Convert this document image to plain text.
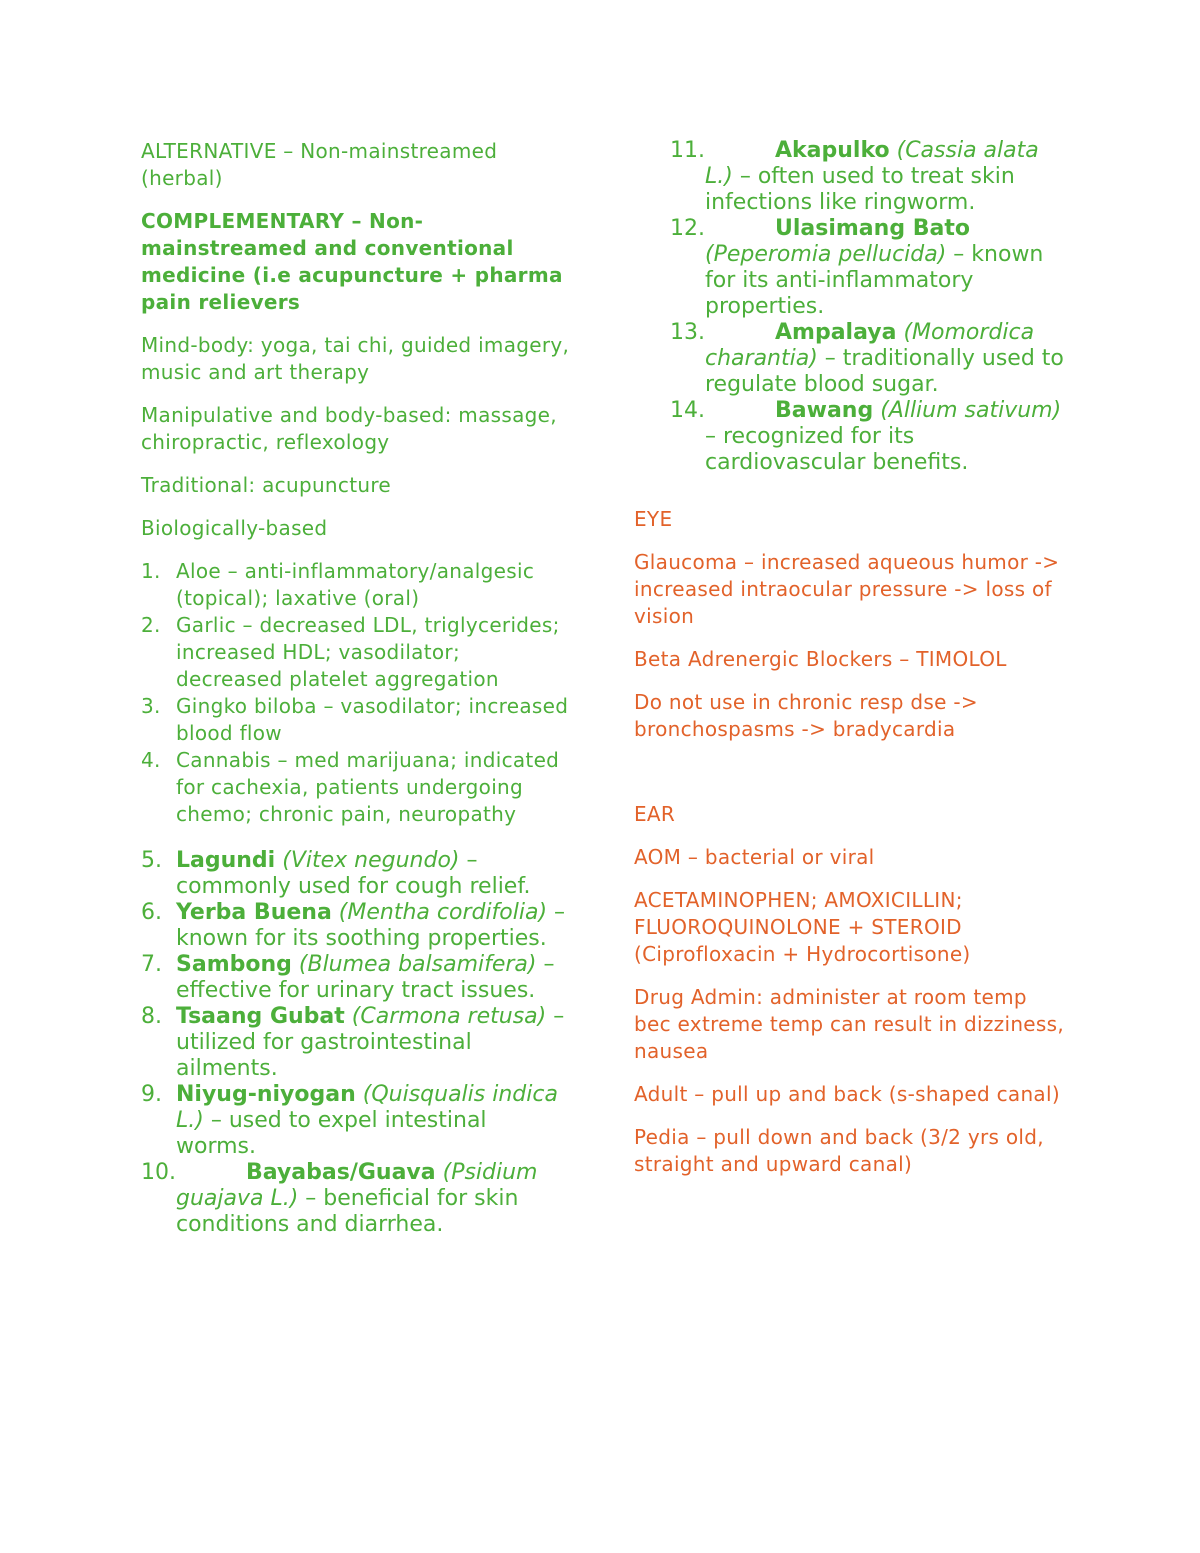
ALTERNATIVE – Non-mainstreamed (herbal)

COMPLEMENTARY – Non-mainstreamed and conventional medicine (i.e acupuncture + pharma pain relievers

Mind-body: yoga, tai chi, guided imagery, music and art therapy

Manipulative and body-based: massage, chiropractic, reflexology

Traditional: acupuncture

Biologically-based

1. Aloe – anti-inflammatory/analgesic (topical); laxative (oral)
2. Garlic – decreased LDL, triglycerides; increased HDL; vasodilator; decreased platelet aggregation
3. Gingko biloba – vasodilator; increased blood flow
4. Cannabis – med marijuana; indicated for cachexia, patients undergoing chemo; chronic pain, neuropathy
5. Lagundi (Vitex negundo) – commonly used for cough relief.
6. Yerba Buena (Mentha cordifolia) – known for its soothing properties.
7. Sambong (Blumea balsamifera) – effective for urinary tract issues.
8. Tsaang Gubat (Carmona retusa) – utilized for gastrointestinal ailments.
9. Niyug-niyogan (Quisqualis indica L.) – used to expel intestinal worms.
10.	Bayabas/Guava (Psidium guajava L.) – beneficial for skin conditions and diarrhea.
11.	Akapulko (Cassia alata L.) – often used to treat skin infections like ringworm.
12.	Ulasimang Bato (Peperomia pellucida) – known for its anti-inflammatory properties.
13.	Ampalaya (Momordica charantia) – traditionally used to regulate blood sugar.
14.	Bawang (Allium sativum) – recognized for its cardiovascular benefits.

EYE

Glaucoma – increased aqueous humor -> increased intraocular pressure -> loss of vision

Beta Adrenergic Blockers – TIMOLOL

Do not use in chronic resp dse -> bronchospasms -> bradycardia

EAR

AOM – bacterial or viral

ACETAMINOPHEN; AMOXICILLIN; FLUOROQUINOLONE + STEROID (Ciprofloxacin + Hydrocortisone)

Drug Admin: administer at room temp bec extreme temp can result in dizziness, nausea

Adult – pull up and back (s-shaped canal)

Pedia – pull down and back (3/2 yrs old, straight and upward canal)
